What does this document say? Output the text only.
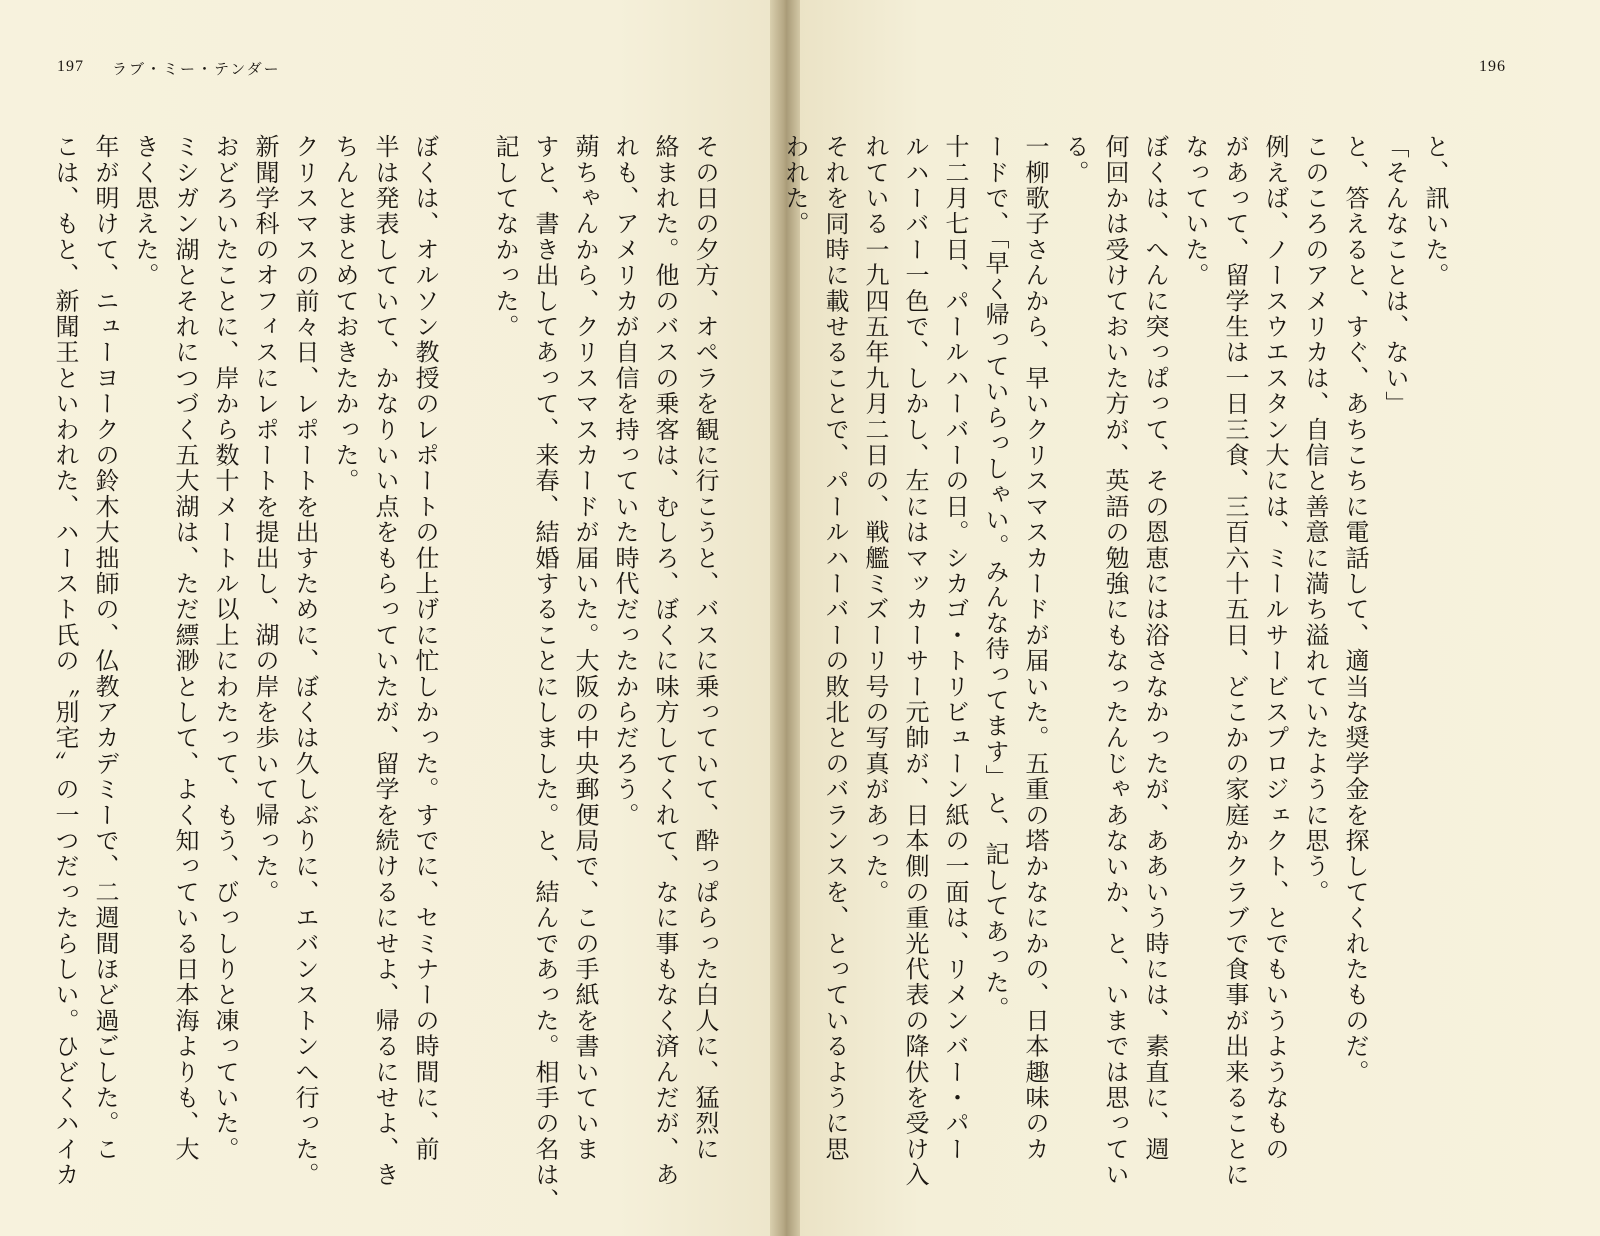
197 ラブ・ミー・テンダー
その日の夕方、オペラを観に行こうと、バスに乗っていて、酔っぱらった白人に、猛烈に
絡まれた。他のバスの乗客は、むしろ、ぼくに味方してくれて、なに事もなく済んだが、あ
れも、アメリカが自信を持っていた時代だったからだろう。
蒴ちゃんから、クリスマスカードが届いた。大阪の中央郵便局で、この手紙を書いていま
すと、書き出してあって、来春、結婚することにしました。と、結んであった。相手の名は、
記してなかった。
ぼくは、オルソン教授のレポートの仕上げに忙しかった。すでに、セミナーの時間に、前
半は発表していて、かなりいい点をもらっていたが、留学を続けるにせよ、帰るにせよ、き
ちんとまとめておきたかった。
クリスマスの前々日、レポートを出すために、ぼくは久しぶりに、エバンストンへ行った。
新聞学科のオフィスにレポートを提出し、湖の岸を歩いて帰った。
おどろいたことに、岸から数十メートル以上にわたって、もう、びっしりと凍っていた。
ミシガン湖とそれにつづく五大湖は、ただ縹渺として、よく知っている日本海よりも、大
きく思えた。
年が明けて、ニューヨークの鈴木大拙師の、仏教アカデミーで、二週間ほど過ごした。こ
こは、もと、新聞王といわれた、ハースト氏の〝別宅〟の一つだったらしい。ひどくハイカ
196
と、訊いた。
「そんなことは、ない」
と、答えると、すぐ、あちこちに電話して、適当な奨学金を探してくれたものだ。
このころのアメリカは、自信と善意に満ち溢れていたように思う。
例えば、ノースウエスタン大には、ミールサービスプロジェクト、とでもいうようなもの
があって、留学生は一日三食、三百六十五日、どこかの家庭かクラブで食事が出来ることに
なっていた。
ぼくは、へんに突っぱって、その恩恵には浴さなかったが、ああいう時には、素直に、週
何回かは受けておいた方が、英語の勉強にもなったんじゃあないか、と、いまでは思ってい
る。
一柳歌子さんから、早いクリスマスカードが届いた。五重の塔かなにかの、日本趣味のカ
ードで、「早く帰っていらっしゃい。みんな待ってます」と、記してあった。
十二月七日、パールハーバーの日。シカゴ・トリビューン紙の一面は、リメンバー・パー
ルハーバー一色で、しかし、左にはマッカーサー元帥が、日本側の重光代表の降伏を受け入
れている一九四五年九月二日の、戦艦ミズーリ号の写真があった。
それを同時に載せることで、パールハーバーの敗北とのバランスを、とっているように思
われた。
